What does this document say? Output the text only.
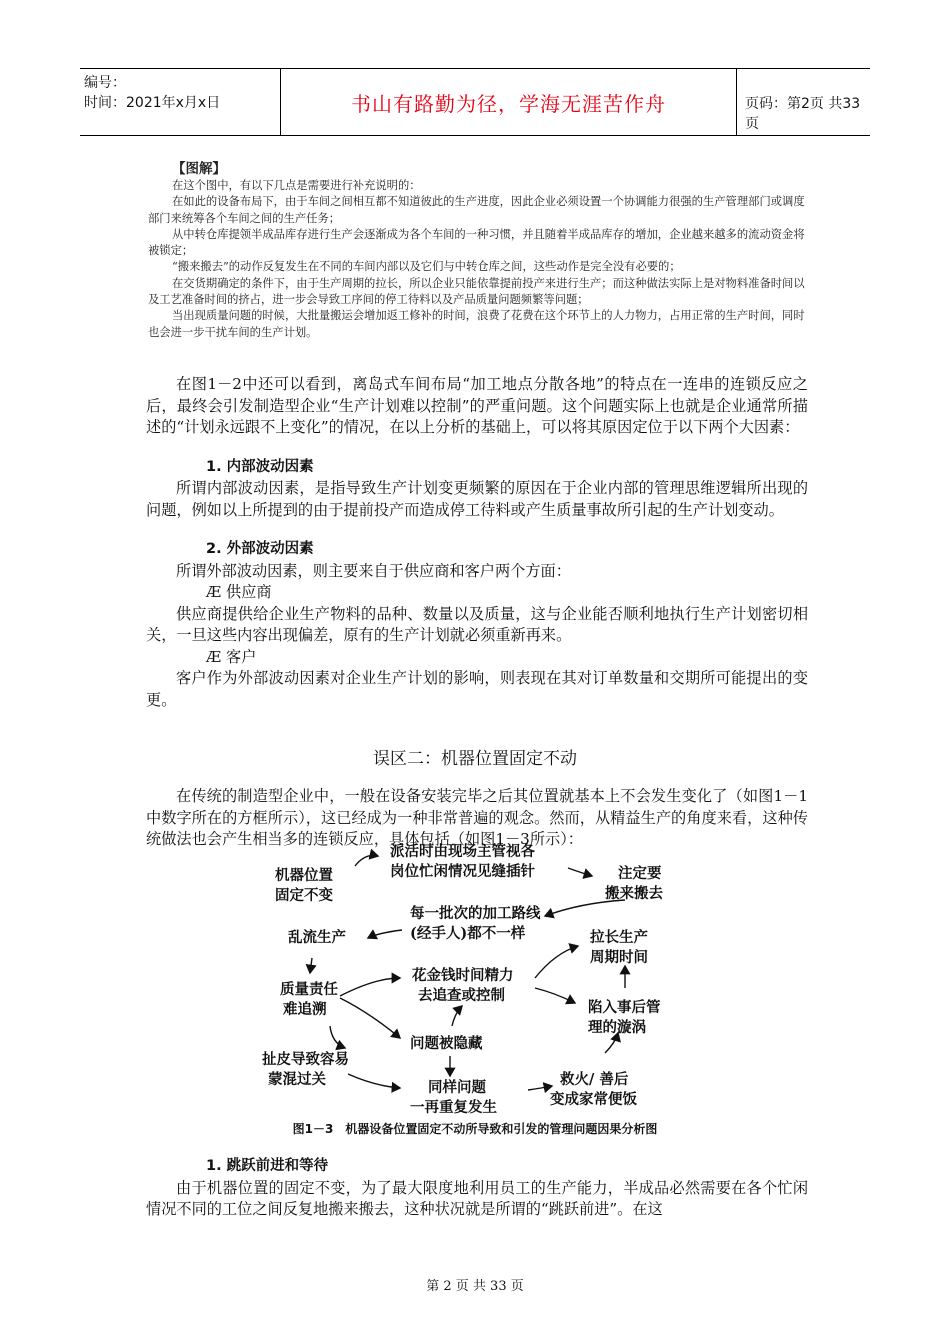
编号：
时间：2021年x月x日	书山有路勤为径，学海无涯苦作舟	页码：第2页 共33页
【图解】

在这个图中，有以下几点是需要进行补充说明的：

在如此的设备布局下，由于车间之间相互都不知道彼此的生产进度，因此企业必须设置一个协调能力很强的生产管理部门或调度部门来统筹各个车间之间的生产任务；

从中转仓库提领半成品库存进行生产会逐渐成为各个车间的一种习惯，并且随着半成品库存的增加，企业越来越多的流动资金将被锁定；

“搬来搬去”的动作反复发生在不同的车间内部以及它们与中转仓库之间，这些动作是完全没有必要的；

在交货期确定的条件下，由于生产周期的拉长，所以企业只能依靠提前投产来进行生产；而这种做法实际上是对物料准备时间以及工艺准备时间的挤占，进一步会导致工序间的停工待料以及产品质量问题频繁等问题；

当出现质量问题的时候，大批量搬运会增加返工修补的时间，浪费了花费在这个环节上的人力物力，占用正常的生产时间，同时也会进一步干扰车间的生产计划。

在图1－2中还可以看到，离岛式车间布局“加工地点分散各地”的特点在一连串的连锁反应之后，最终会引发制造型企业“生产计划难以控制”的严重问题。这个问题实际上也就是企业通常所描述的“计划永远跟不上变化”的情况，在以上分析的基础上，可以将其原因定位于以下两个大因素：

1. 内部波动因素

所谓内部波动因素，是指导致生产计划变更频繁的原因在于企业内部的管理思维逻辑所出现的问题，例如以上所提到的由于提前投产而造成停工待料或产生质量事故所引起的生产计划变动。

2. 外部波动因素

所谓外部波动因素，则主要来自于供应商和客户两个方面：

Æ 供应商

供应商提供给企业生产物料的品种、数量以及质量，这与企业能否顺利地执行生产计划密切相关，一旦这些内容出现偏差，原有的生产计划就必须重新再来。

Æ 客户

客户作为外部波动因素对企业生产计划的影响，则表现在其对订单数量和交期所可能提出的变更。

误区二：机器位置固定不动

在传统的制造型企业中，一般在设备安装完毕之后其位置就基本上不会发生变化了（如图1－1中数字所在的方框所示），这已经成为一种非常普遍的观念。然而，从精益生产的角度来看，这种传统做法也会产生相当多的连锁反应，具体包括（如图1－3所示）：

机器位置
固定不变
派活时由现场主管视各
岗位忙闲情况见缝插针	注定要
搬来搬去
每一批次的加工路线
(经手人)都不一样
乱流生产	拉长生产
周期时间
质量责任
难追溯
花金钱时间精力
去追查或控制
陷入事后管
理的漩涡
问题被隐藏
扯皮导致容易
蒙混过关	同样问题
一再重复发生
救火/ 善后
变成家常便饭
图1－3　机器设备位置固定不动所导致和引发的管理问题因果分析图

1. 跳跃前进和等待

由于机器位置的固定不变，为了最大限度地利用员工的生产能力，半成品必然需要在各个忙闲情况不同的工位之间反复地搬来搬去，这种状况就是所谓的“跳跃前进”。在这

第 2 页 共 33 页
